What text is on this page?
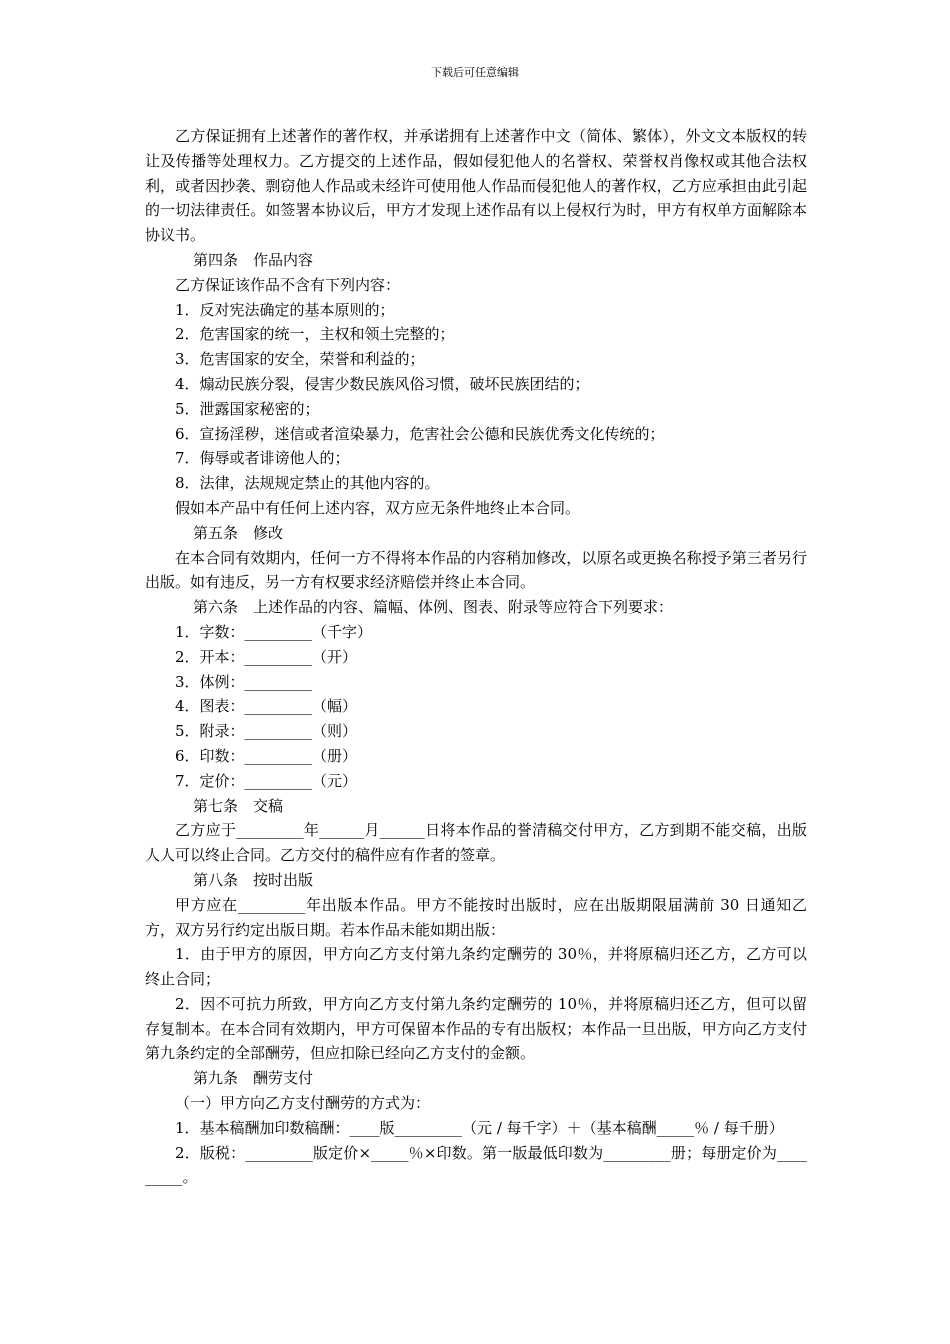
下载后可任意编辑

乙方保证拥有上述著作的著作权，并承诺拥有上述著作中文（简体、繁体），外文文本版权的转让及传播等处理权力。乙方提交的上述作品，假如侵犯他人的名誉权、荣誉权肖像权或其他合法权利，或者因抄袭、剽窃他人作品或未经许可使用他人作品而侵犯他人的著作权，乙方应承担由此引起的一切法律责任。如签署本协议后，甲方才发现上述作品有以上侵权行为时，甲方有权单方面解除本协议书。

第四条　作品内容

乙方保证该作品不含有下列内容：

1．反对宪法确定的基本原则的；

2．危害国家的统一，主权和领土完整的；

3．危害国家的安全，荣誉和利益的；

4．煽动民族分裂，侵害少数民族风俗习惯，破坏民族团结的；

5．泄露国家秘密的；

6．宣扬淫秽，迷信或者渲染暴力，危害社会公德和民族优秀文化传统的；

7．侮辱或者诽谤他人的；

8．法律，法规规定禁止的其他内容的。

假如本产品中有任何上述内容，双方应无条件地终止本合同。

第五条　修改

在本合同有效期内，任何一方不得将本作品的内容稍加修改，以原名或更换名称授予第三者另行出版。如有违反，另一方有权要求经济赔偿并终止本合同。

第六条　上述作品的内容、篇幅、体例、图表、附录等应符合下列要求：

1．字数：_________（千字）

2．开本：_________（开）

3．体例：_________

4．图表：_________（幅）

5．附录：_________（则）

6．印数：_________（册）

7．定价：_________（元）

第七条　交稿

乙方应于_________年______月______日将本作品的誉清稿交付甲方，乙方到期不能交稿，出版人人可以终止合同。乙方交付的稿件应有作者的签章。

第八条　按时出版

甲方应在_________年出版本作品。甲方不能按时出版时，应在出版期限届满前 30 日通知乙方，双方另行约定出版日期。若本作品未能如期出版：

1．由于甲方的原因，甲方向乙方支付第九条约定酬劳的 30％，并将原稿归还乙方，乙方可以终止合同；

2．因不可抗力所致，甲方向乙方支付第九条约定酬劳的 10％，并将原稿归还乙方，但可以留存复制本。在本合同有效期内，甲方可保留本作品的专有出版权；本作品一旦出版，甲方向乙方支付第九条约定的全部酬劳，但应扣除已经向乙方支付的金额。

第九条　酬劳支付

（一）甲方向乙方支付酬劳的方式为：

1．基本稿酬加印数稿酬：____版_________（元 / 每千字）＋（基本稿酬_____％ / 每千册）

2．版税：_________版定价×_____％×印数。第一版最低印数为_________册；每册定价为_________。
